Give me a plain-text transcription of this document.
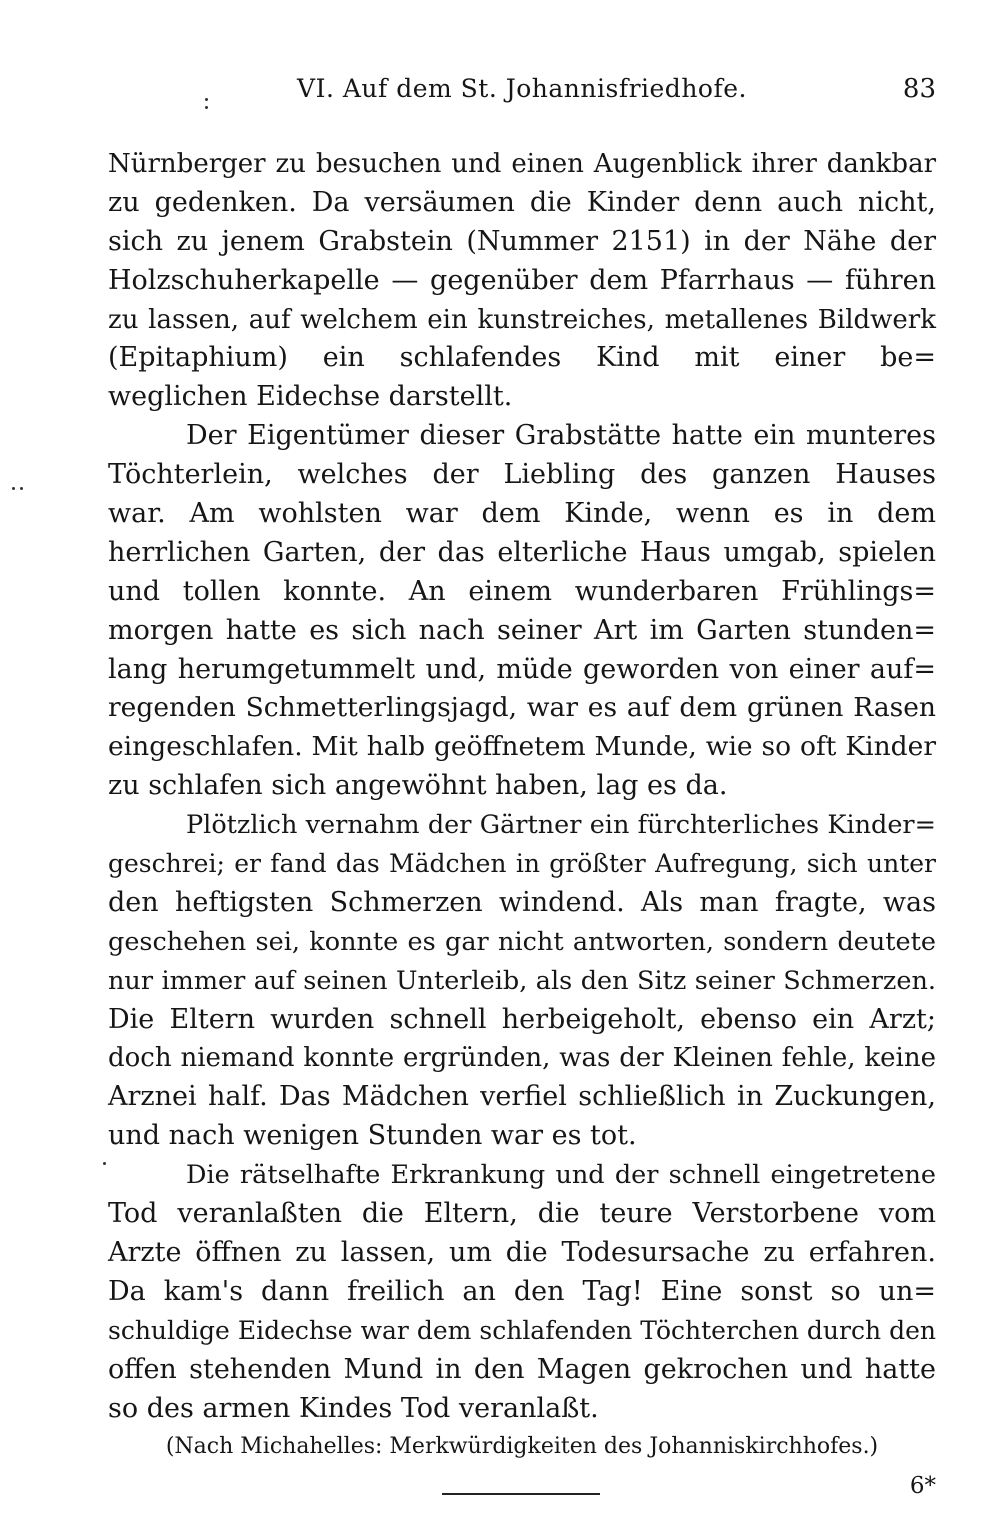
VI. Auf dem St. Johannisfriedhofe.	83
Nürnberger zu besuchen und einen Augenblick ihrer dankbar
zu gedenken. Da versäumen die Kinder denn auch nicht,
sich zu jenem Grabstein (Nummer 2151) in der Nähe der
Holzschuherkapelle — gegenüber dem Pfarrhaus — führen
zu lassen, auf welchem ein kunstreiches, metallenes Bildwerk
(Epitaphium) ein schlafendes Kind mit einer be=
weglichen Eidechse darstellt.
Der Eigentümer dieser Grabstätte hatte ein munteres
Töchterlein, welches der Liebling des ganzen Hauses
war. Am wohlsten war dem Kinde, wenn es in dem
herrlichen Garten, der das elterliche Haus umgab, spielen
und tollen konnte. An einem wunderbaren Frühlings=
morgen hatte es sich nach seiner Art im Garten stunden=
lang herumgetummelt und, müde geworden von einer auf=
regenden Schmetterlingsjagd, war es auf dem grünen Rasen
eingeschlafen. Mit halb geöffnetem Munde, wie so oft Kinder
zu schlafen sich angewöhnt haben, lag es da.
Plötzlich vernahm der Gärtner ein fürchterliches Kinder=
geschrei; er fand das Mädchen in größter Aufregung, sich unter
den heftigsten Schmerzen windend. Als man fragte, was
geschehen sei, konnte es gar nicht antworten, sondern deutete
nur immer auf seinen Unterleib, als den Sitz seiner Schmerzen.
Die Eltern wurden schnell herbeigeholt, ebenso ein Arzt;
doch niemand konnte ergründen, was der Kleinen fehle, keine
Arznei half. Das Mädchen verfiel schließlich in Zuckungen,
und nach wenigen Stunden war es tot.
Die rätselhafte Erkrankung und der schnell eingetretene
Tod veranlaßten die Eltern, die teure Verstorbene vom
Arzte öffnen zu lassen, um die Todesursache zu erfahren.
Da kam's dann freilich an den Tag! Eine sonst so un=
schuldige Eidechse war dem schlafenden Töchterchen durch den
offen stehenden Mund in den Magen gekrochen und hatte
so des armen Kindes Tod veranlaßt.
(Nach Michahelles: Merkwürdigkeiten des Johanniskirchhofes.)
6*
